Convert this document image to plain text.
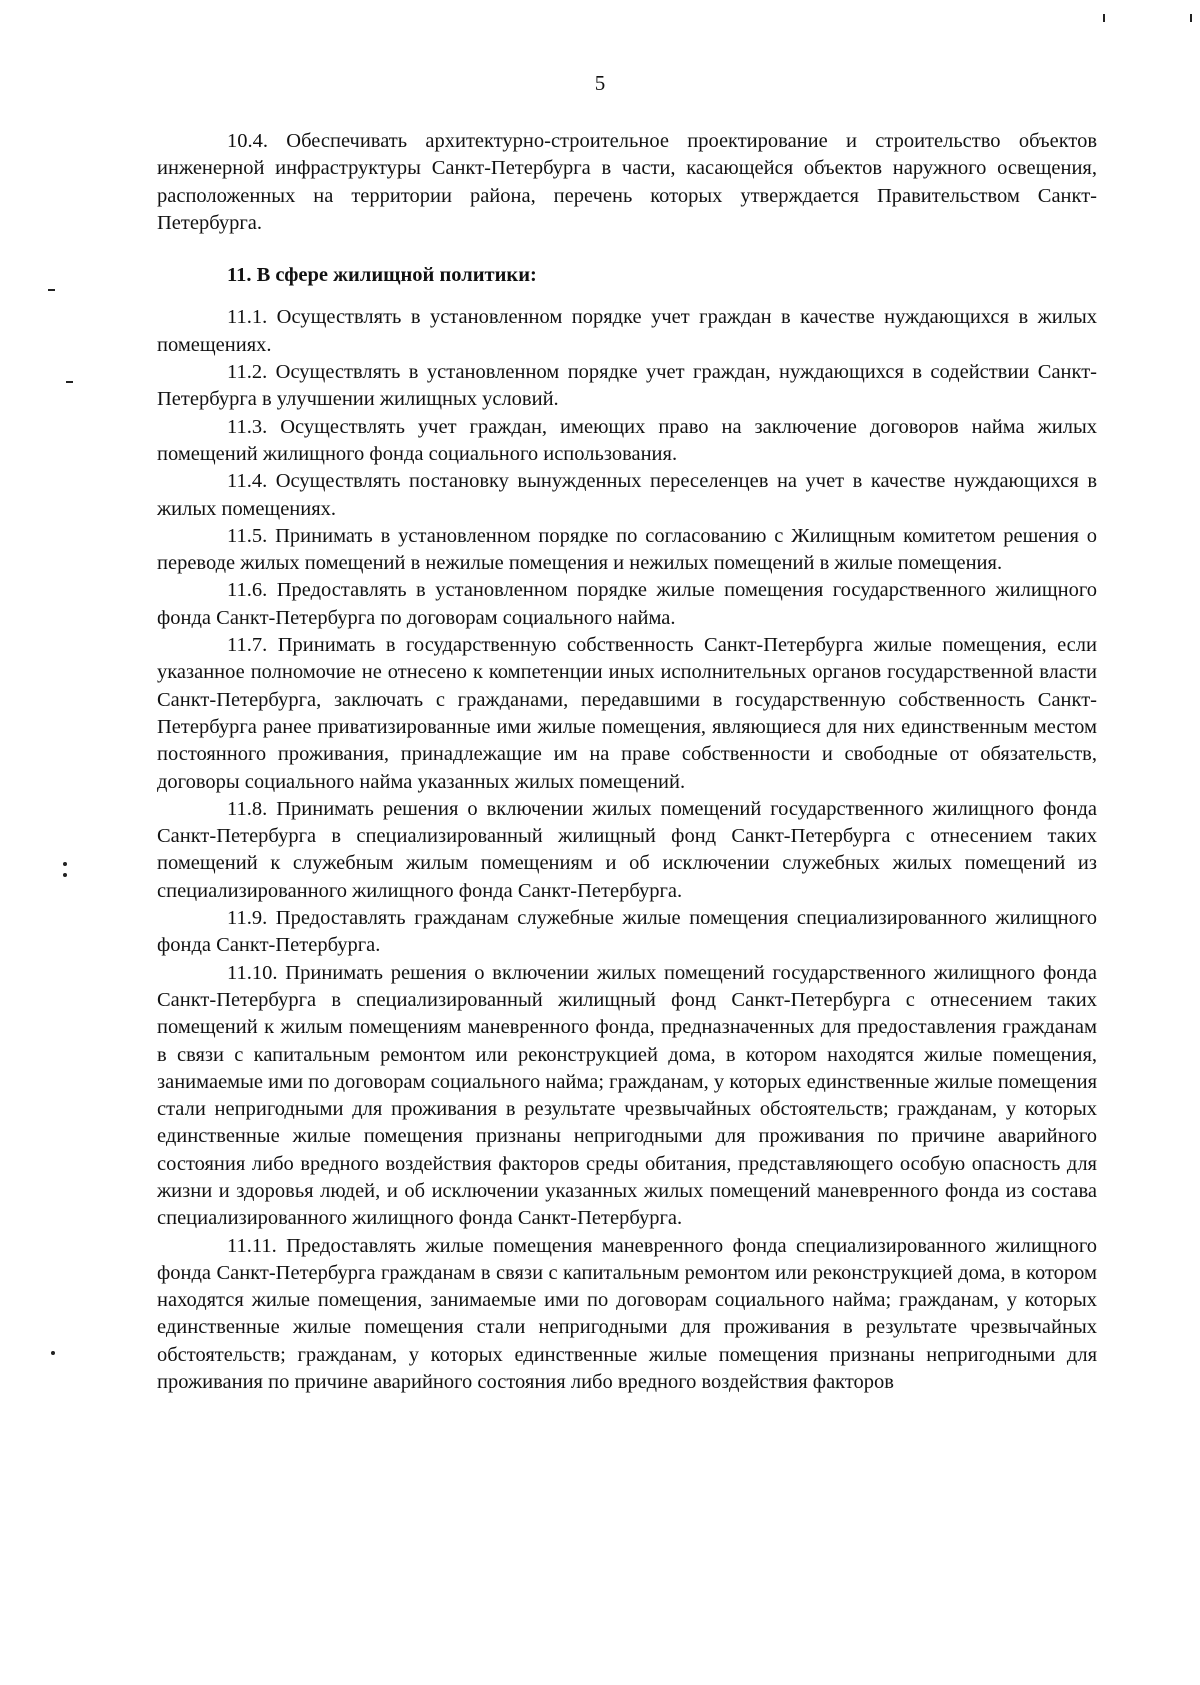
5

10.4. Обеспечивать архитектурно-строительное проектирование и строительство объектов инженерной инфраструктуры Санкт-Петербурга в части, касающейся объектов наружного освещения, расположенных на территории района, перечень которых утверждается Правительством Санкт-Петербурга.

11. В сфере жилищной политики:

11.1. Осуществлять в установленном порядке учет граждан в качестве нуждающихся в жилых помещениях.

11.2. Осуществлять в установленном порядке учет граждан, нуждающихся в содействии Санкт-Петербурга в улучшении жилищных условий.

11.3. Осуществлять учет граждан, имеющих право на заключение договоров найма жилых помещений жилищного фонда социального использования.

11.4. Осуществлять постановку вынужденных переселенцев на учет в качестве нуждающихся в жилых помещениях.

11.5. Принимать в установленном порядке по согласованию с Жилищным комитетом решения о переводе жилых помещений в нежилые помещения и нежилых помещений в жилые помещения.

11.6. Предоставлять в установленном порядке жилые помещения государственного жилищного фонда Санкт-Петербурга по договорам социального найма.

11.7. Принимать в государственную собственность Санкт-Петербурга жилые помещения, если указанное полномочие не отнесено к компетенции иных исполнительных органов государственной власти Санкт-Петербурга, заключать с гражданами, передавшими в государственную собственность Санкт-Петербурга ранее приватизированные ими жилые помещения, являющиеся для них единственным местом постоянного проживания, принадлежащие им на праве собственности и свободные от обязательств, договоры социального найма указанных жилых помещений.

11.8. Принимать решения о включении жилых помещений государственного жилищного фонда Санкт-Петербурга в специализированный жилищный фонд Санкт-Петербурга с отнесением таких помещений к служебным жилым помещениям и об исключении служебных жилых помещений из специализированного жилищного фонда Санкт-Петербурга.

11.9. Предоставлять гражданам служебные жилые помещения специализированного жилищного фонда Санкт-Петербурга.

11.10. Принимать решения о включении жилых помещений государственного жилищного фонда Санкт-Петербурга в специализированный жилищный фонд Санкт-Петербурга с отнесением таких помещений к жилым помещениям маневренного фонда, предназначенных для предоставления гражданам в связи с капитальным ремонтом или реконструкцией дома, в котором находятся жилые помещения, занимаемые ими по договорам социального найма; гражданам, у которых единственные жилые помещения стали непригодными для проживания в результате чрезвычайных обстоятельств; гражданам, у которых единственные жилые помещения признаны непригодными для проживания по причине аварийного состояния либо вредного воздействия факторов среды обитания, представляющего особую опасность для жизни и здоровья людей, и об исключении указанных жилых помещений маневренного фонда из состава специализированного жилищного фонда Санкт-Петербурга.

11.11. Предоставлять жилые помещения маневренного фонда специализированного жилищного фонда Санкт-Петербурга гражданам в связи с капитальным ремонтом или реконструкцией дома, в котором находятся жилые помещения, занимаемые ими по договорам социального найма; гражданам, у которых единственные жилые помещения стали непригодными для проживания в результате чрезвычайных обстоятельств; гражданам, у которых единственные жилые помещения признаны непригодными для проживания по причине аварийного состояния либо вредного воздействия факторов
